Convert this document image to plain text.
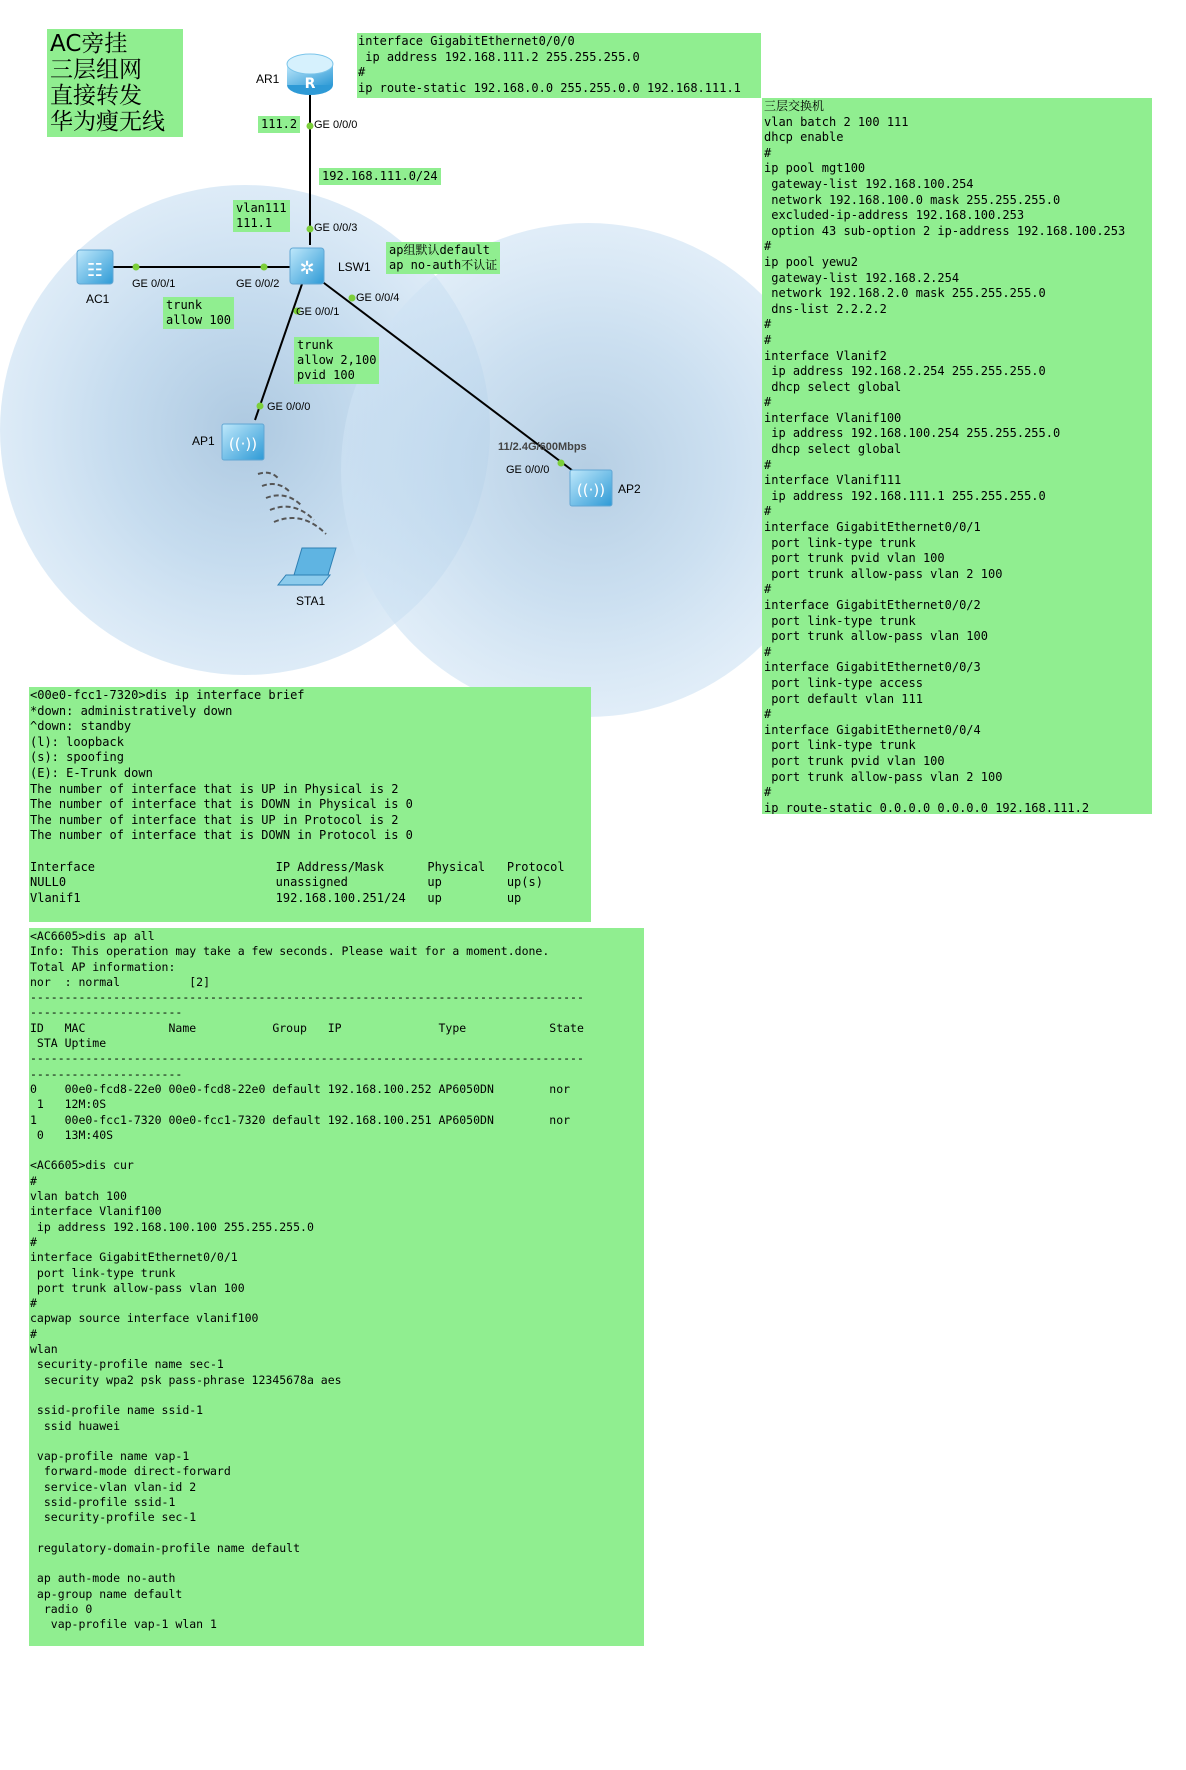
R
✲
☷
((·))
((·))
AC旁挂
三层组网
直接转发
华为瘦无线
AR1
LSW1
AC1
AP1
AP2
STA1
GE 0/0/0
GE 0/0/3
GE 0/0/1	GE 0/0/2
GE 0/0/1
GE 0/0/4
GE 0/0/0
GE 0/0/0
11/2.4G/600Mbps
111.2
192.168.111.0/24
vlan111
111.1
ap组默认default
ap no-auth不认证
trunk
allow 100
trunk
allow 2,100
pvid 100
interface GigabitEthernet0/0/0
ip address 192.168.111.2 255.255.255.0
#
ip route-static 192.168.0.0 255.255.0.0 192.168.111.1
三层交换机
vlan batch 2 100 111
dhcp enable
#
ip pool mgt100
gateway-list 192.168.100.254
network 192.168.100.0 mask 255.255.255.0
excluded-ip-address 192.168.100.253
option 43 sub-option 2 ip-address 192.168.100.253
#
ip pool yewu2
gateway-list 192.168.2.254
network 192.168.2.0 mask 255.255.255.0
dns-list 2.2.2.2
#
#
interface Vlanif2
ip address 192.168.2.254 255.255.255.0
dhcp select global
#
interface Vlanif100
ip address 192.168.100.254 255.255.255.0
dhcp select global
#
interface Vlanif111
ip address 192.168.111.1 255.255.255.0
#
interface GigabitEthernet0/0/1
port link-type trunk
port trunk pvid vlan 100
port trunk allow-pass vlan 2 100
#
interface GigabitEthernet0/0/2
port link-type trunk
port trunk allow-pass vlan 100
#
interface GigabitEthernet0/0/3
port link-type access
port default vlan 111
#
interface GigabitEthernet0/0/4
port link-type trunk
port trunk pvid vlan 100
port trunk allow-pass vlan 2 100
#
ip route-static 0.0.0.0 0.0.0.0 192.168.111.2
<00e0-fcc1-7320>dis ip interface brief
*down: administratively down
^down: standby
(l): loopback
(s): spoofing
(E): E-Trunk down
The number of interface that is UP in Physical is 2
The number of interface that is DOWN in Physical is 0
The number of interface that is UP in Protocol is 2
The number of interface that is DOWN in Protocol is 0

Interface                         IP Address/Mask      Physical   Protocol
NULL0                             unassigned           up         up(s)
Vlanif1                           192.168.100.251/24   up         up
<AC6605>dis ap all
Info: This operation may take a few seconds. Please wait for a moment.done.
Total AP information:
nor  : normal          [2]
--------------------------------------------------------------------------------
----------------------
ID   MAC            Name           Group   IP              Type            State
STA Uptime
--------------------------------------------------------------------------------
----------------------
0    00e0-fcd8-22e0 00e0-fcd8-22e0 default 192.168.100.252 AP6050DN        nor
1   12M:0S
1    00e0-fcc1-7320 00e0-fcc1-7320 default 192.168.100.251 AP6050DN        nor
0   13M:40S

<AC6605>dis cur
#
vlan batch 100
interface Vlanif100
ip address 192.168.100.100 255.255.255.0
#
interface GigabitEthernet0/0/1
port link-type trunk
port trunk allow-pass vlan 100
#
capwap source interface vlanif100
#
wlan
security-profile name sec-1
security wpa2 psk pass-phrase 12345678a aes

ssid-profile name ssid-1
ssid huawei

vap-profile name vap-1
forward-mode direct-forward
service-vlan vlan-id 2
ssid-profile ssid-1
security-profile sec-1

regulatory-domain-profile name default

ap auth-mode no-auth
ap-group name default
radio 0
vap-profile vap-1 wlan 1
